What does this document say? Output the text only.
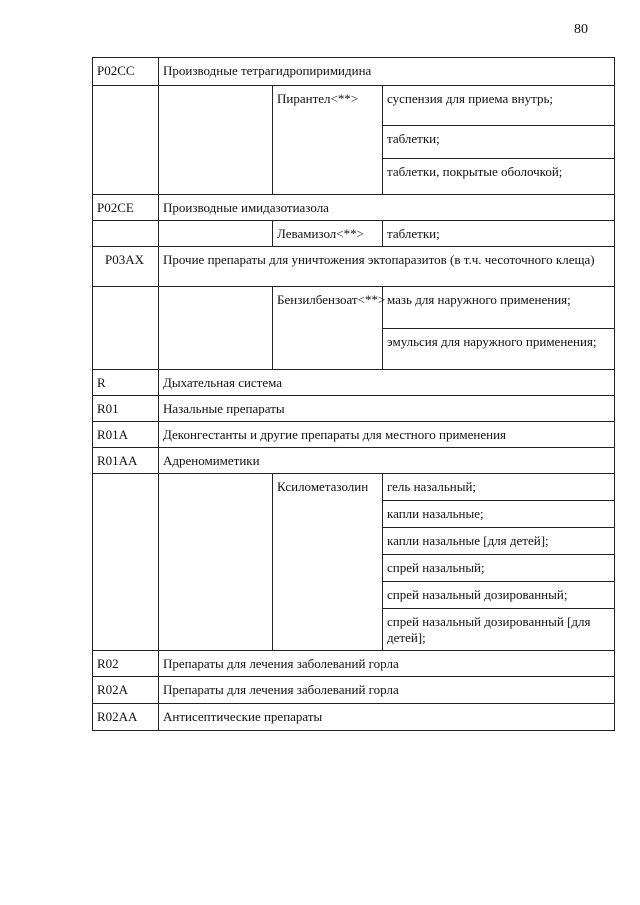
80
P02CC	Производные тетрагидропиримидина		
		Пирантел<**>	суспензия для приема внутрь;
			таблетки;
			таблетки, покрытые оболочкой;
P02CE	Производные имидазотиазола		
		Левамизол<**>	таблетки;
P03AX	Прочие препараты для уничтожения эктопаразитов (в т.ч. чесоточного клеща)		
		Бензилбензоат<**>	мазь для наружного применения;
			эмульсия для наружного применения;
R	Дыхательная система		
R01	Назальные препараты		
R01A	Деконгестанты и другие препараты для местного применения		
R01AA	Адреномиметики		
		Ксилометазолин	гель назальный;
			капли назальные;
			капли назальные [для детей];
			спрей назальный;
			спрей назальный дозированный;
			спрей назальный дозированный [для детей];
R02	Препараты для лечения заболеваний горла		
R02A	Препараты для лечения заболеваний горла		
R02AA	Антисептические препараты		
